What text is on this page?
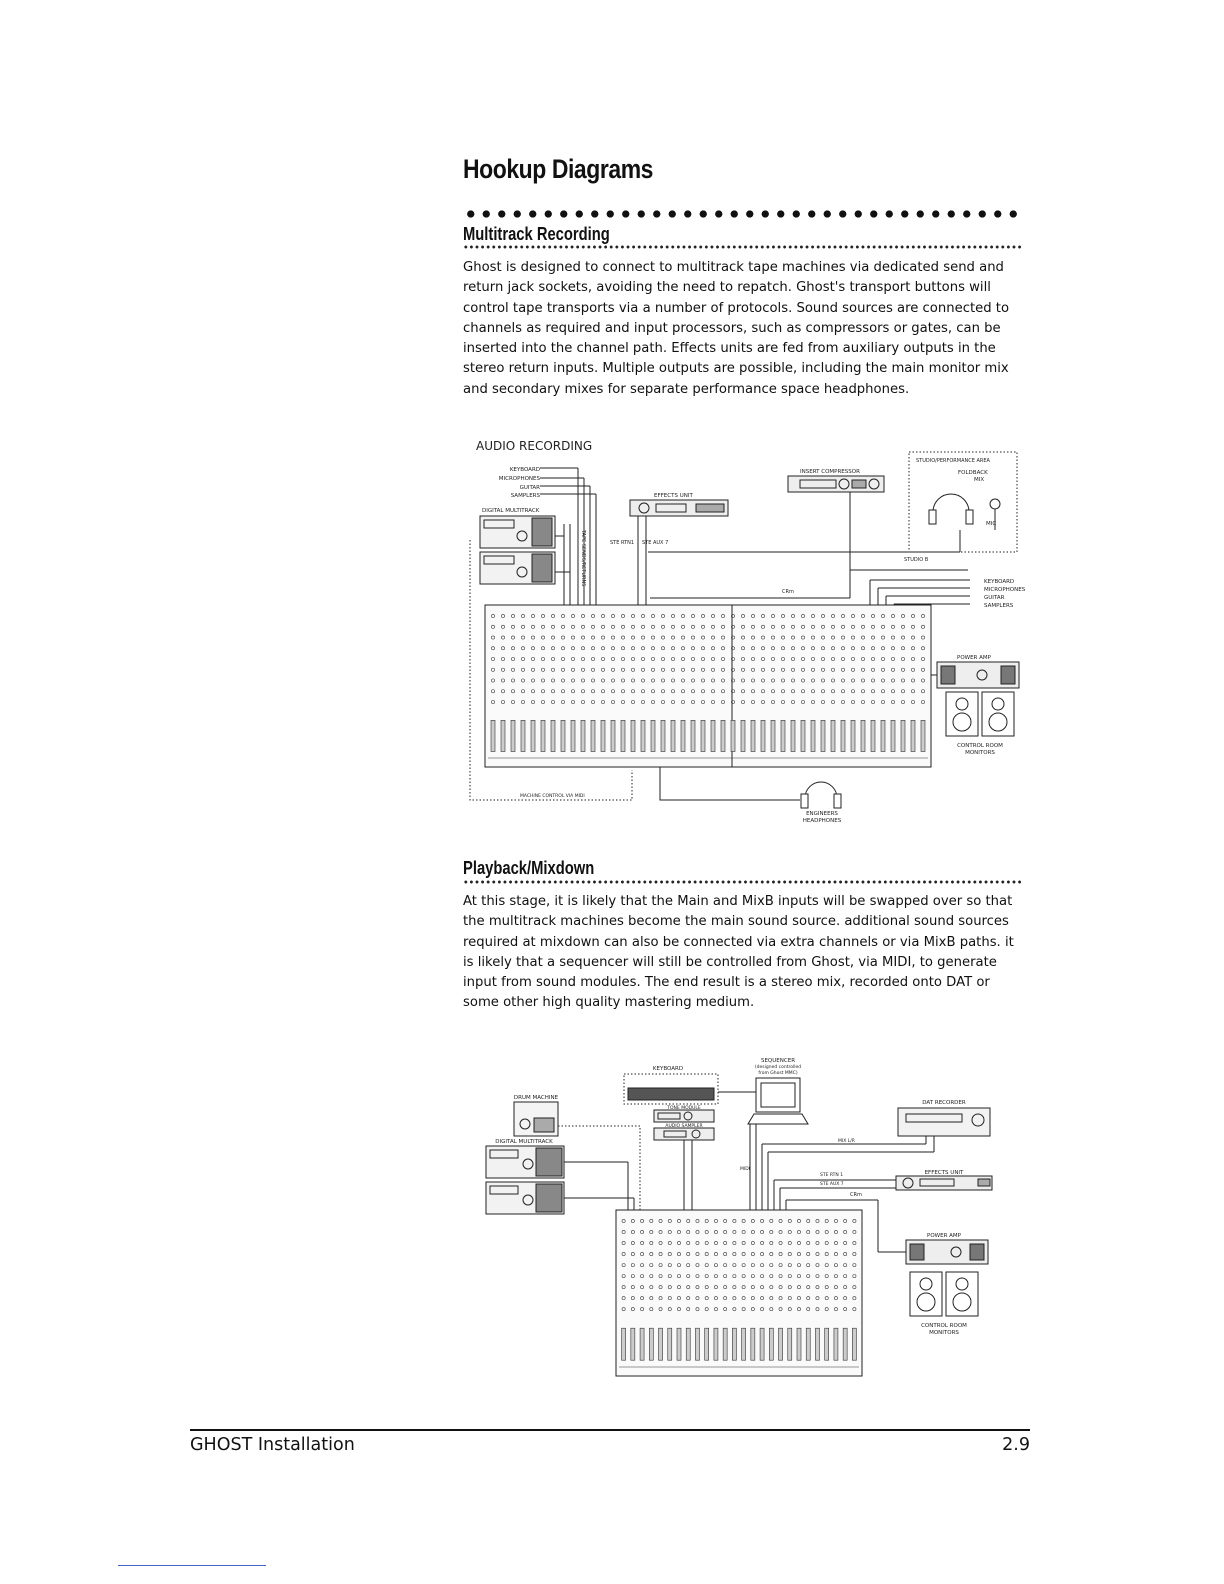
Hookup Diagrams
Multitrack Recording
Ghost is designed to connect to multitrack tape machines via dedicated send and return jack sockets, avoiding the need to repatch. Ghost's transport buttons will control tape transports via a number of protocols. Sound sources are connected to channels as required and input processors, such as compressors or gates, can be inserted into the channel path. Effects units are fed from auxiliary outputs in the stereo return inputs. Multiple outputs are possible, including the main monitor mix and secondary mixes for separate performance space headphones.
AUDIO RECORDING
KEYBOARD
MICROPHONES
GUITAR
SAMPLERS
DIGITAL MULTITRACK
TAPE SENDS/RETURNS
EFFECTS UNIT
STE RTN1 STE AUX 7
INSERT COMPRESSOR
STUDIO/PERFORMANCE AREA
FOLDBACK
MIX
MIC
STUDIO B
CRm
KEYBOARD
MICROPHONES
GUITAR
SAMPLERS
POWER AMP
CONTROL ROOM
MONITORS
MACHINE CONTROL VIA MIDI
ENGINEERS
HEADPHONES
Playback/Mixdown
At this stage, it is likely that the Main and MixB inputs will be swapped over so that the multitrack machines become the main sound source. additional sound sources required at mixdown can also be connected via extra channels or via MixB paths. it is likely that a sequencer will still be controlled from Ghost, via MIDI, to generate input from sound modules. The end result is a stereo mix, recorded onto DAT or some other high quality mastering medium.
SEQUENCER
(designed controlled
from Ghost MMC)
KEYBOARD
TONE MODULE
AUDIO SAMPLER
DRUM MACHINE
DIGITAL MULTITRACK
DAT RECORDER
MIX L/R
MIDI
STE RTN 1
STE AUX 7
EFFECTS UNIT
CRm
POWER AMP
CONTROL ROOM
MONITORS
GHOST Installation	2.9
